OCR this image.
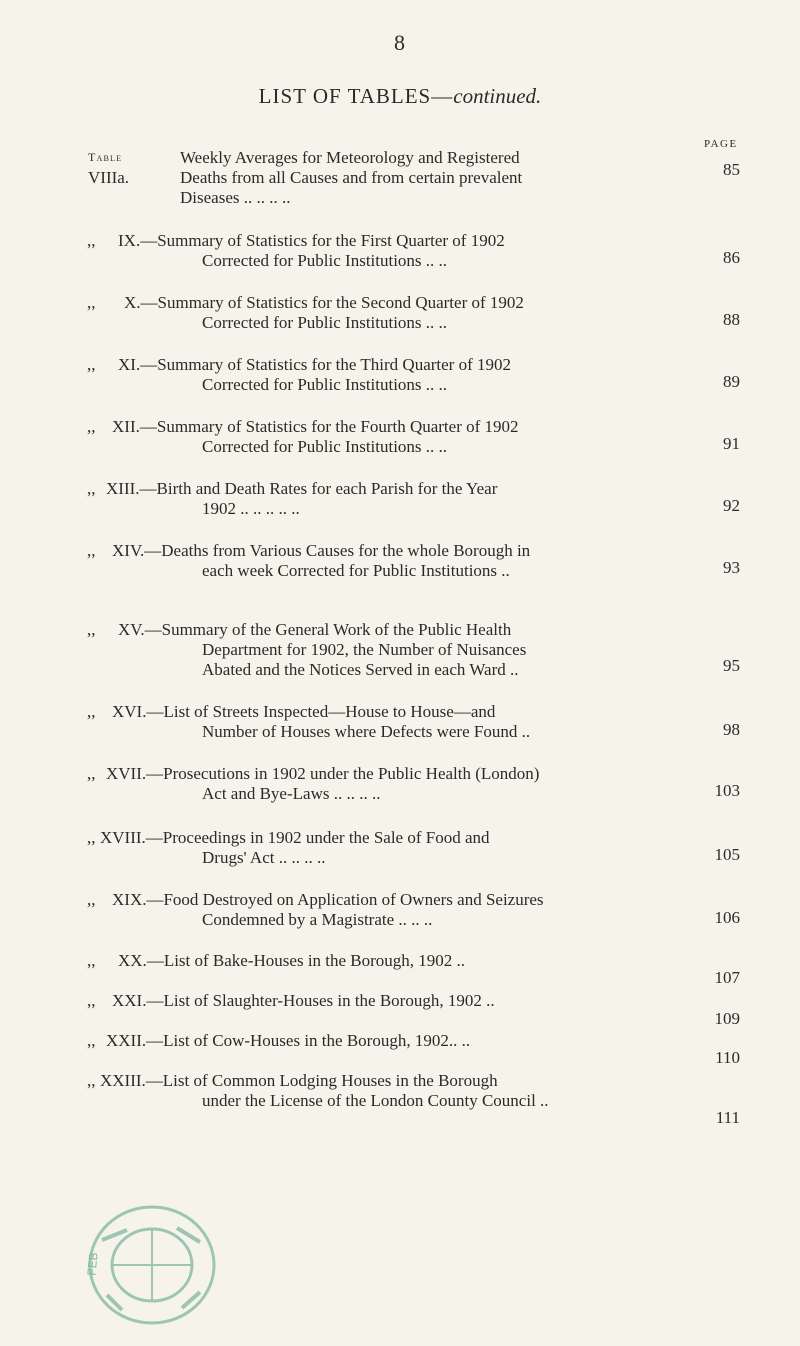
8
LIST OF TABLES—continued.
PAGE
Table
VIIIa.
Weekly Averages for Meteorology and Registered
Deaths from all Causes and from certain prevalent
Diseases .. .. .. ..
85
,, IX. —Summary of Statistics for the First Quarter of 1902
Corrected for Public Institutions .. ..	86
,, X. —Summary of Statistics for the Second Quarter of 1902
Corrected for Public Institutions .. ..	88
,, XI. —Summary of Statistics for the Third Quarter of 1902
Corrected for Public Institutions .. ..	89
,, XII. —Summary of Statistics for the Fourth Quarter of 1902
Corrected for Public Institutions .. ..	91
,, XIII. —Birth and Death Rates for each Parish for the Year
1902 .. .. .. .. ..	92
,, XIV. —Deaths from Various Causes for the whole Borough in
each week Corrected for Public Institutions ..	93
,, XV. —Summary of the General Work of the Public Health
Department for 1902, the Number of Nuisances
Abated and the Notices Served in each Ward ..	95
,, XVI. —List of Streets Inspected—House to House—and
Number of Houses where Defects were Found ..	98
,, XVII. —Prosecutions in 1902 under the Public Health (London)
Act and Bye-Laws .. .. .. ..	103
,, XVIII. —Proceedings in 1902 under the Sale of Food and
Drugs' Act .. .. .. ..	105
,, XIX. —Food Destroyed on Application of Owners and Seizures
Condemned by a Magistrate .. .. ..	106
,, XX. —List of Bake-Houses in the Borough, 1902 ..
107
,, XXI. —List of Slaughter-Houses in the Borough, 1902 ..
109
,, XXII. —List of Cow-Houses in the Borough, 1902.. ..
110
,, XXIII. —List of Common Lodging Houses in the Borough
under the License of the London County Council ..
111
FEB
